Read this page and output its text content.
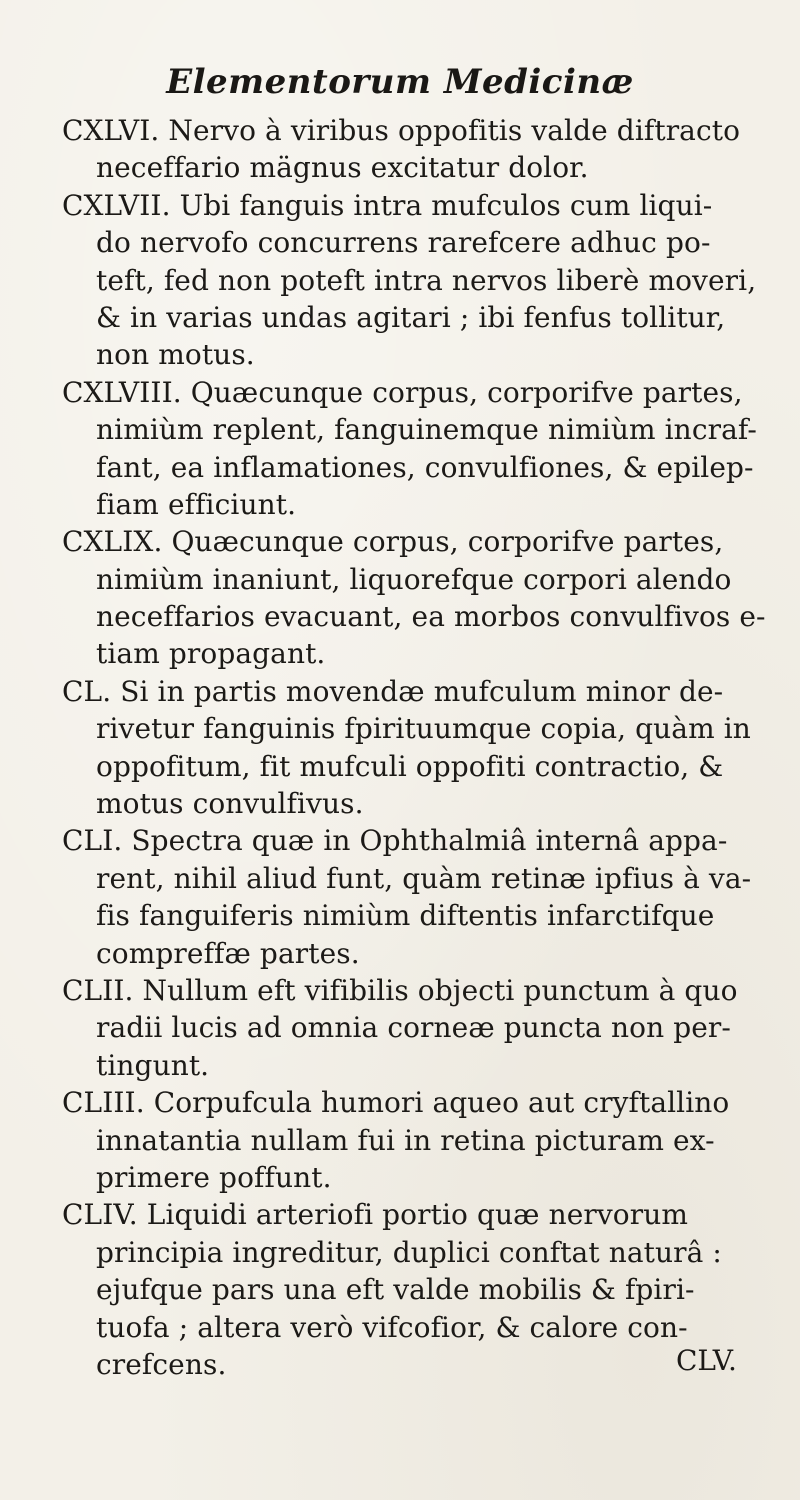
Elementorum Medicinæ
CXLVI. Nervo à viribus oppofitis valde diftracto
neceffario mägnus excitatur dolor.
CXLVII. Ubi fanguis intra mufculos cum liqui-
do nervofo concurrens rarefcere adhuc po-
teft, fed non poteft intra nervos liberè moveri,
& in varias undas agitari ; ibi fenfus tollitur,
non motus.
CXLVIII. Quæcunque corpus, corporifve partes,
nimiùm replent, fanguinemque nimiùm incraf-
fant, ea inflamationes, convulfiones, & epilep-
fiam efficiunt.
CXLIX. Quæcunque corpus, corporifve partes,
nimiùm inaniunt, liquorefque corpori alendo
neceffarios evacuant, ea morbos convulfivos e-
tiam propagant.
CL. Si in partis movendæ mufculum minor de-
rivetur fanguinis fpirituumque copia, quàm in
oppofitum, fit mufculi oppofiti contractio, &
motus convulfivus.
CLI. Spectra quæ in Ophthalmiâ internâ appa-
rent, nihil aliud funt, quàm retinæ ipfius à va-
fis fanguiferis nimiùm diftentis infarctifque
compreffæ partes.
CLII. Nullum eft vifibilis objecti punctum à quo
radii lucis ad omnia corneæ puncta non per-
tingunt.
CLIII. Corpufcula humori aqueo aut cryftallino
innatantia nullam fui in retina picturam ex-
primere poffunt.
CLIV. Liquidi arteriofi portio quæ nervorum
principia ingreditur, duplici conftat naturâ :
ejufque pars una eft valde mobilis & fpiri-
tuofa ; altera verò vifcofior, & calore con-
crefcens.	CLV.
